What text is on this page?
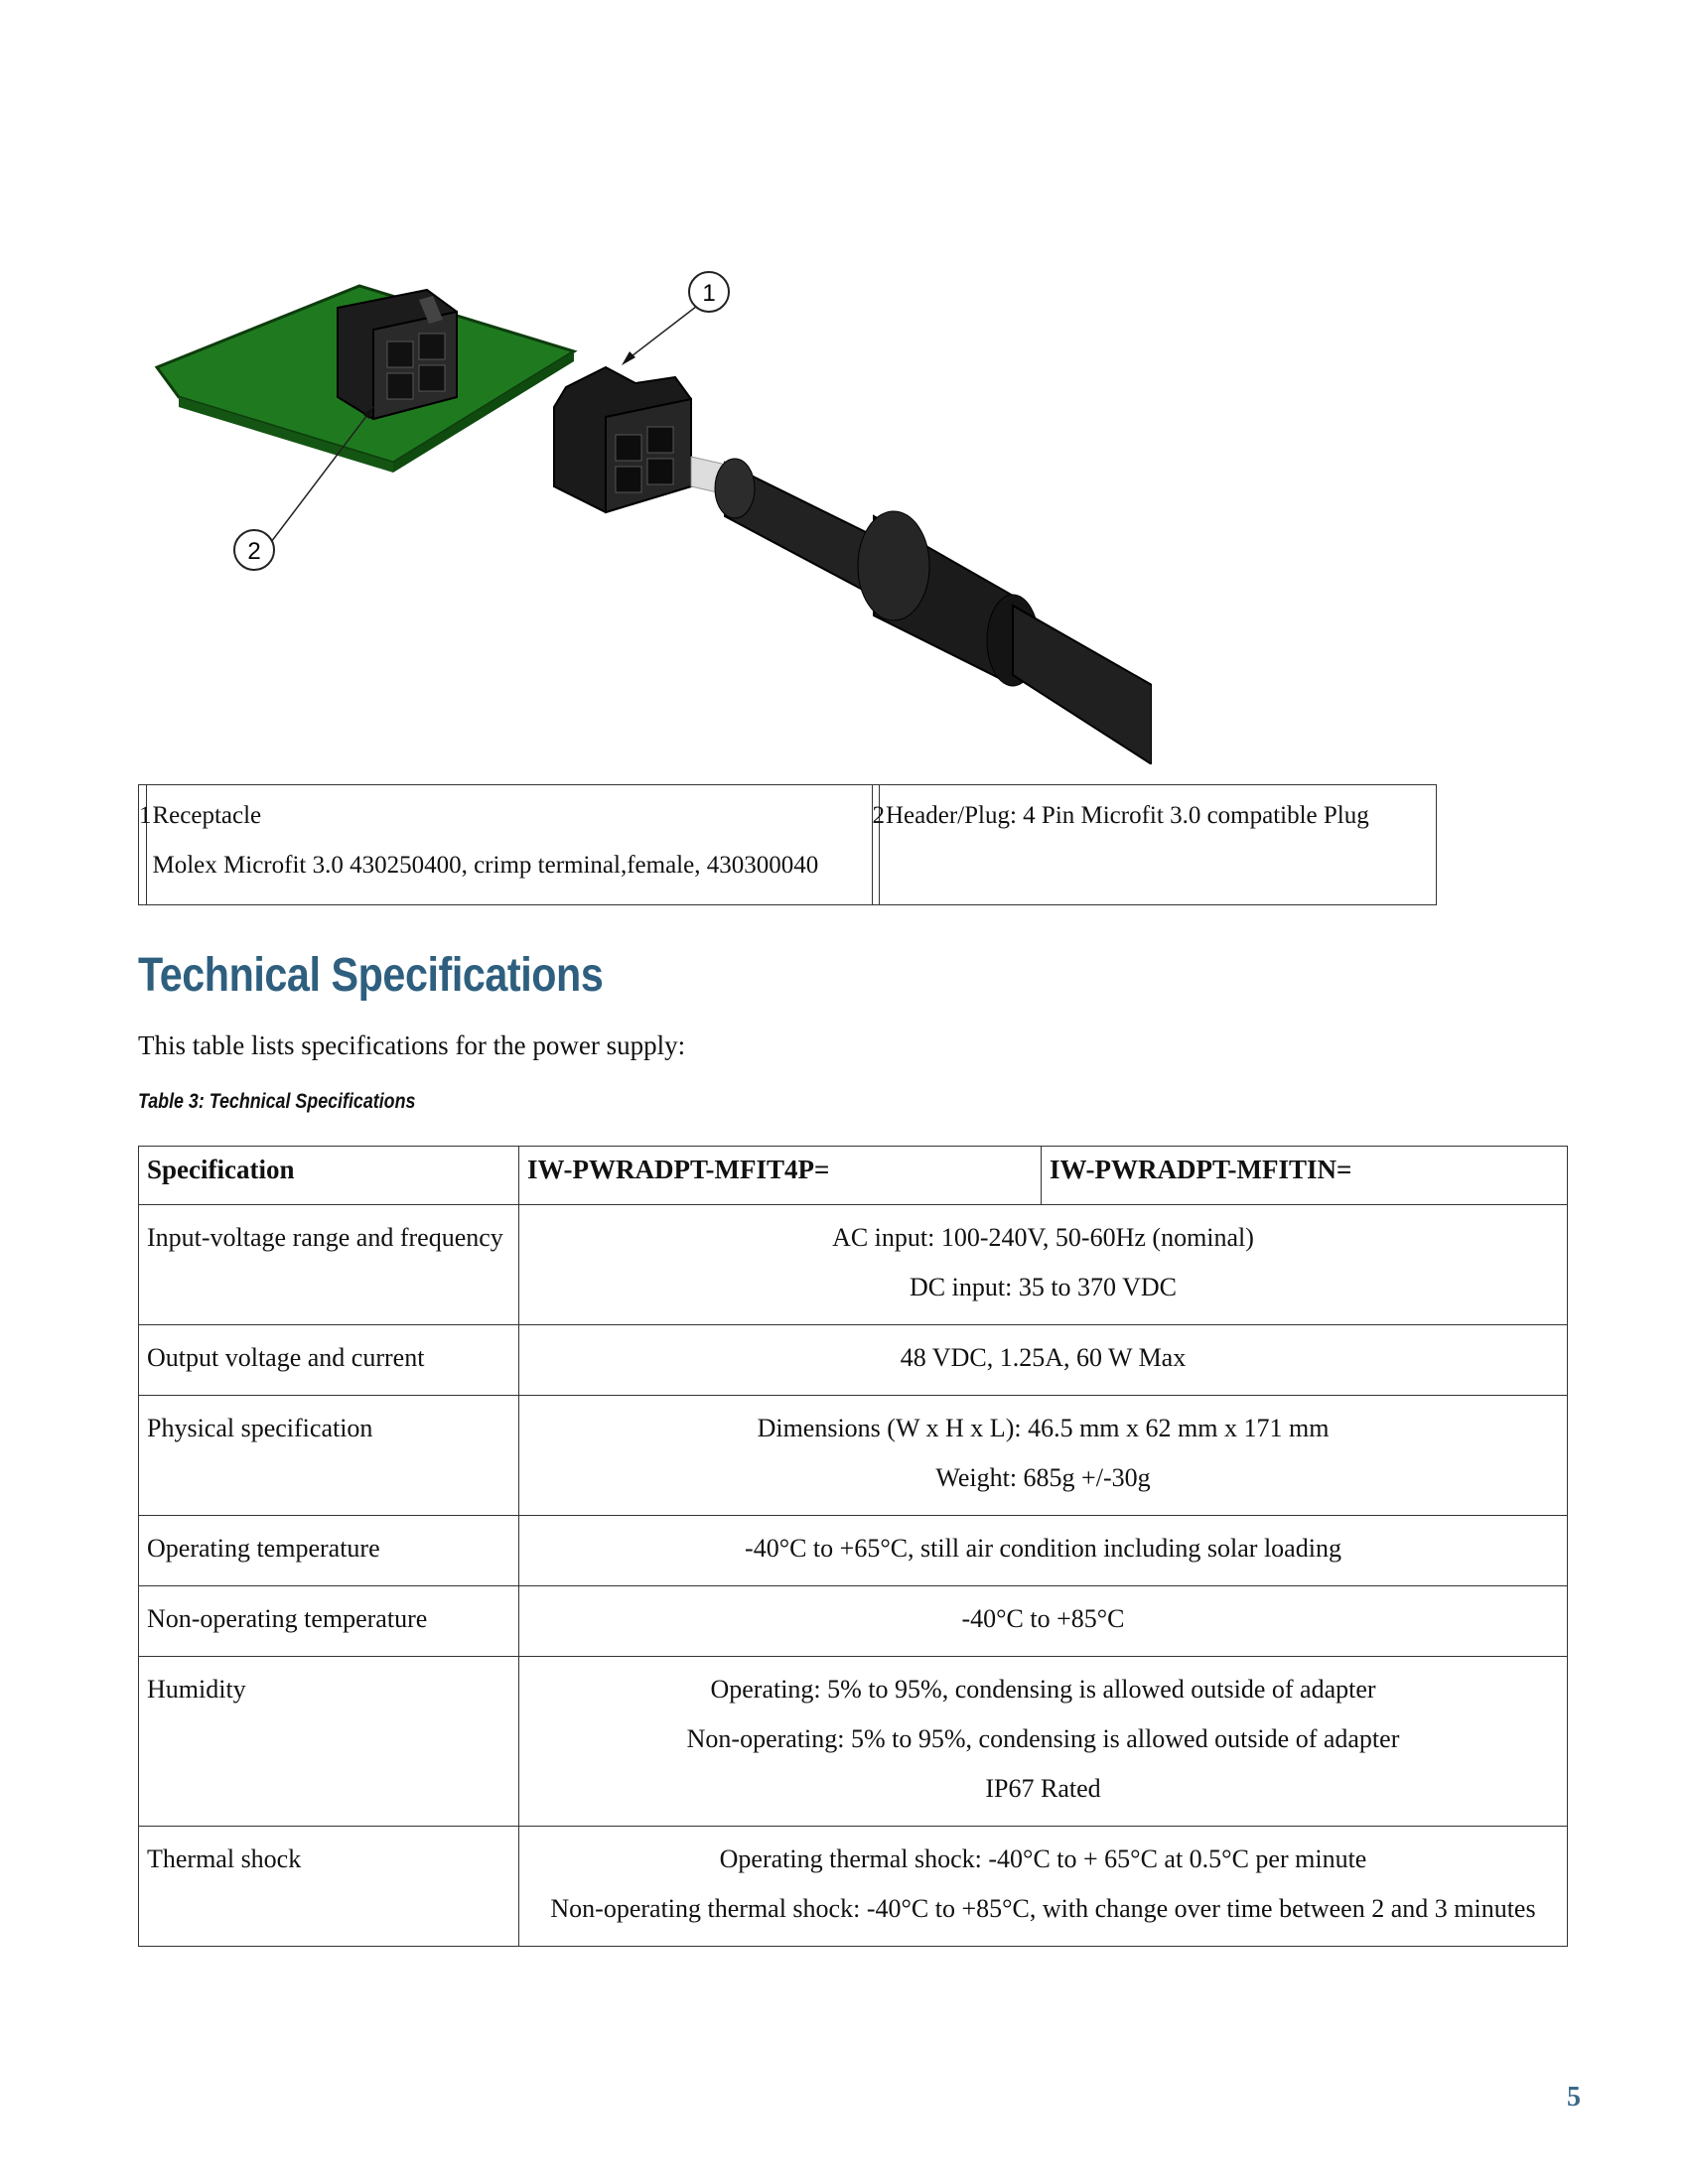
1
2
1	Receptacle

Molex Microfit 3.0 430250400, crimp terminal,female, 430300040

	2	Header/Plug: 4 Pin Microfit 3.0 compatible Plug

Technical Specifications

This table lists specifications for the power supply:

Table 3: Technical Specifications

Specification	IW-PWRADPT-MFIT4P=	IW-PWRADPT-MFITIN=

Input-voltage range and frequency	AC input: 100-240V, 50-60Hz (nominal)

DC input: 35 to 370 VDC	

Output voltage and current	48 VDC, 1.25A, 60 W Max	

Physical specification	Dimensions (W x H x L): 46.5 mm x 62 mm x 171 mm

Weight: 685g +/-30g	

Operating temperature	-40°C to +65°C, still air condition including solar loading	

Non-operating temperature	-40°C to +85°C	

Humidity	Operating: 5% to 95%, condensing is allowed outside of adapter

Non-operating: 5% to 95%, condensing is allowed outside of adapter

IP67 Rated	

Thermal shock	Operating thermal shock: -40°C to + 65°C at 0.5°C per minute

Non-operating thermal shock: -40°C to +85°C, with change over time between 2 and 3 minutes	

5
